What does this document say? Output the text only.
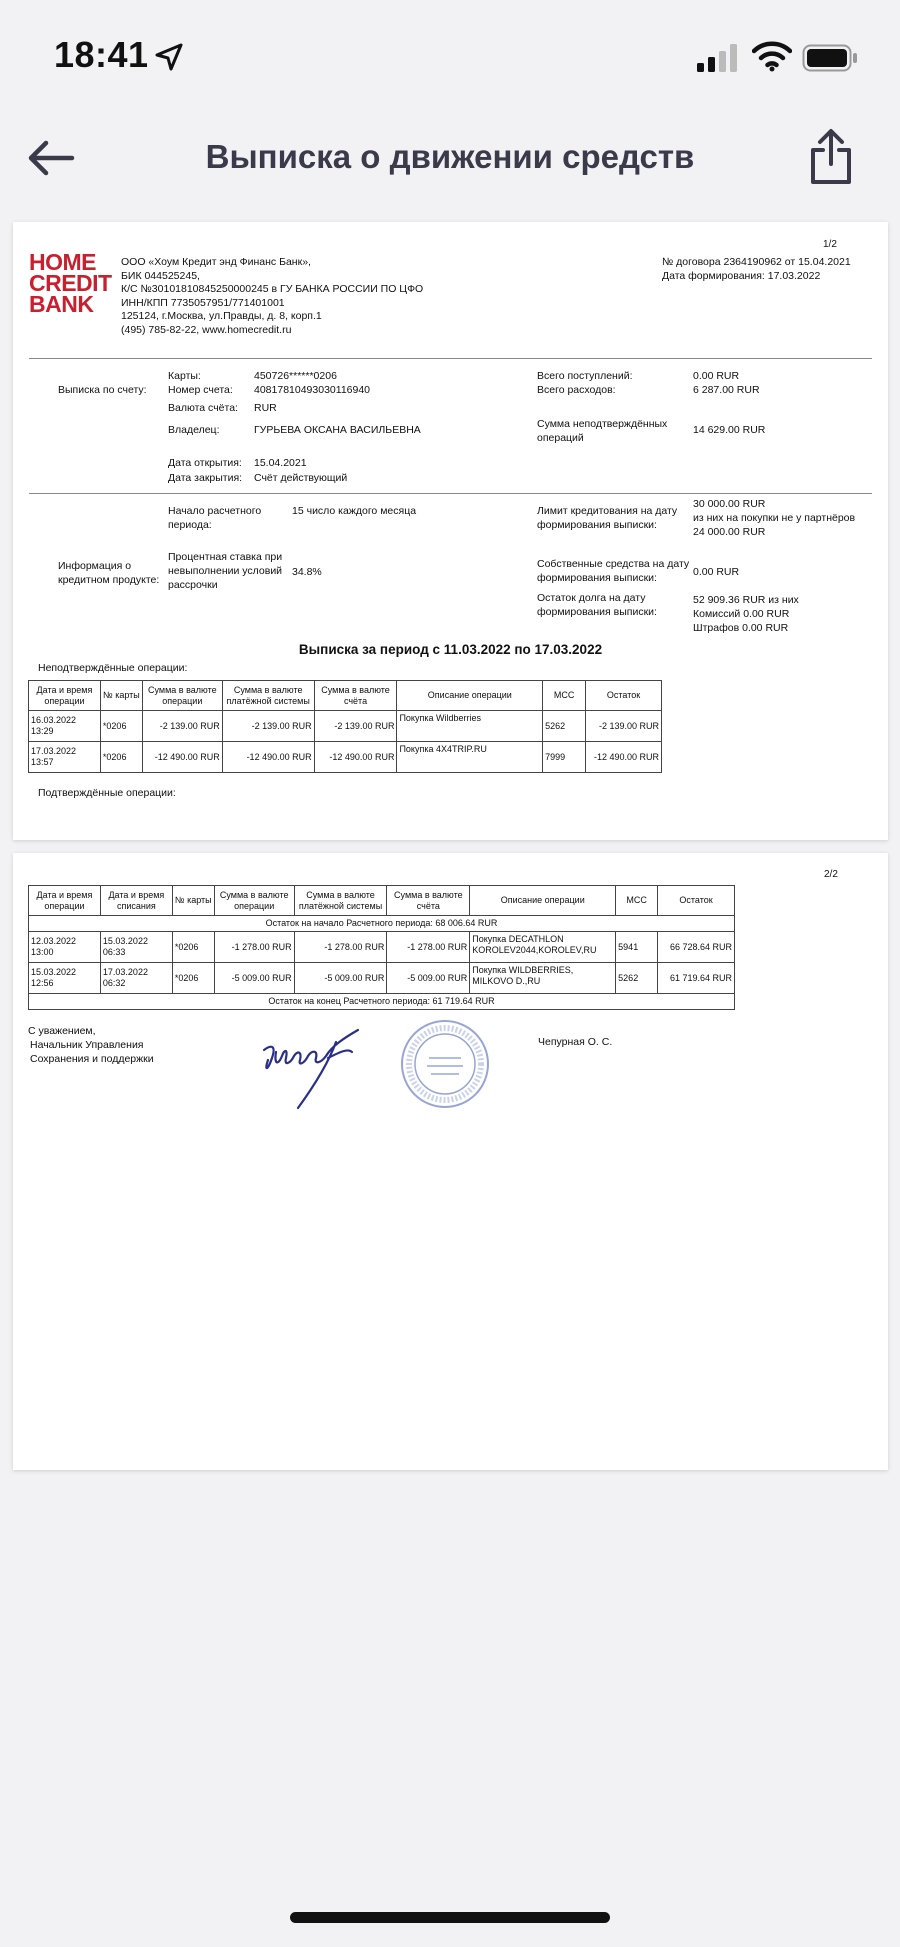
18:41
Выписка о движении средств
1/2
HOME
CREDIT
BANK
ООО «Хоум Кредит энд Финанс Банк»,
БИК 044525245,
К/С №30101810845250000245 в ГУ БАНКА РОССИИ ПО ЦФО
ИНН/КПП 7735057951/771401001
125124, г.Москва, ул.Правды, д. 8, корп.1
(495) 785-82-22, www.homecredit.ru
№ договора 2364190962 от 15.04.2021
Дата формирования: 17.03.2022
Выписка по счету:
Карты:	450726******0206
Номер счета: 40817810493030116940
Валюта счёта: RUR
Владелец:	ГУРЬЕВА ОКСАНА ВАСИЛЬЕВНА
Дата открытия: 15.04.2021
Дата закрытия: Счёт действующий
Всего поступлений:	0.00 RUR
Всего расходов:	6 287.00 RUR
Сумма неподтверждённых
операций
14 629.00 RUR
Информация о
кредитном продукте:
Начало расчетного
периода:
15 число каждого месяца
Процентная ставка при
невыполнении условий
рассрочки
34.8%
Лимит кредитования на дату
формирования выписки:
30 000.00 RUR
из них на покупки не у партнёров
24 000.00 RUR
Собственные средства на дату
формирования выписки:	0.00 RUR
Остаток долга на дату
формирования выписки:
52 909.36 RUR из них
Комиссий 0.00 RUR
Штрафов 0.00 RUR
Выписка за период с 11.03.2022 по 17.03.2022
Неподтверждённые операции:
Дата и время операции	№ карты	Сумма в валюте операции	Сумма в валюте платёжной системы	Сумма в валюте счёта	Описание операции	MCC	Остаток
16.03.2022 13:29	*0206	-2 139.00 RUR	-2 139.00 RUR	-2 139.00 RUR	Покупка Wildberries	5262	-2 139.00 RUR
17.03.2022 13:57	*0206	-12 490.00 RUR	-12 490.00 RUR	-12 490.00 RUR	Покупка 4X4TRIP.RU	7999	-12 490.00 RUR
Подтверждённые операции:
2/2
Дата и время операции	Дата и время списания	№ карты	Сумма в валюте операции	Сумма в валюте платёжной системы	Сумма в валюте счёта	Описание операции	MCC	Остаток
Остаток на начало Расчетного периода: 68 006.64 RUR								
12.03.2022 13:00	15.03.2022 06:33	*0206	-1 278.00 RUR	-1 278.00 RUR	-1 278.00 RUR	Покупка DECATHLON KOROLEV2044,KOROLEV,RU	5941	66 728.64 RUR
15.03.2022 12:56	17.03.2022 06:32	*0206	-5 009.00 RUR	-5 009.00 RUR	-5 009.00 RUR	Покупка WILDBERRIES, MILKOVO D.,RU	5262	61 719.64 RUR
Остаток на конец Расчетного периода: 61 719.64 RUR								
С уважением,
Начальник Управления
Сохранения и поддержки
Чепурная О. С.
